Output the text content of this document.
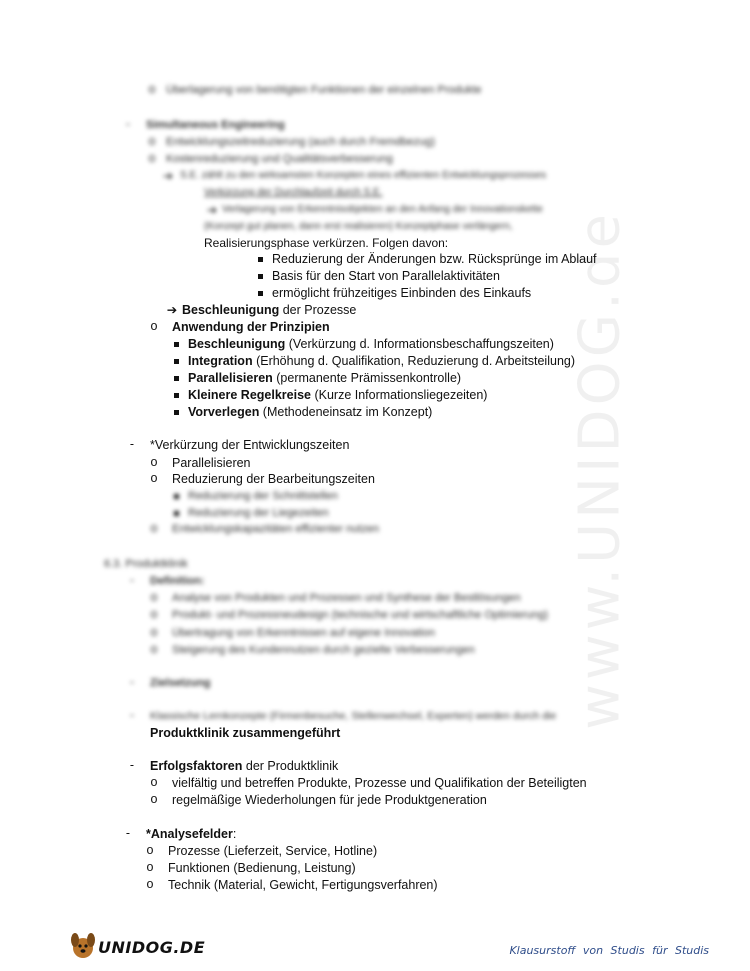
www.UNIDOG.de
o
-
o
o
➔
➔
➔
o
-
o
o
o
-
o
o
o
o
-
-
-
o
o
-
o
o
o
Überlagerung von benötigten Funktionen der einzelnen Produkte
Simultaneous Engineering
Entwicklungszeitreduzierung (auch durch Fremdbezug)
Kostenreduzierung und Qualitätsverbesserung
S.E. zählt zu den wirksamsten Konzepten eines effizienten Entwicklungsprozesses
Verkürzung der Durchlaufzeit durch S.E.
Verlagerung von Erkenntnisobjekten an den Anfang der Innovationskette
(Konzept gut planen, dann erst realisieren) Konzeptphase verlängern,
Realisierungsphase verkürzen. Folgen davon:
Reduzierung der Änderungen bzw. Rücksprünge im Ablauf
Basis für den Start von Parallelaktivitäten
ermöglicht frühzeitiges Einbinden des Einkaufs
Beschleunigung der Prozesse
Anwendung der Prinzipien
Beschleunigung (Verkürzung d. Informationsbeschaffungszeiten)
Integration (Erhöhung d. Qualifikation, Reduzierung d. Arbeitsteilung)
Parallelisieren (permanente Prämissenkontrolle)
Kleinere Regelkreise (Kurze Informationsliegezeiten)
Vorverlegen (Methodeneinsatz im Konzept)
*Verkürzung der Entwicklungszeiten
Parallelisieren
Reduzierung der Bearbeitungszeiten
Reduzierung der Schnittstellen
Reduzierung der Liegezeiten
Entwicklungskapazitäten effizienter nutzen
6.3. Produktklinik
Definition:
Analyse von Produkten und Prozessen und Synthese der Bestlösungen
Produkt- und Prozessneudesign (technische und wirtschaftliche Optimierung)
Übertragung von Erkenntnissen auf eigene Innovation
Steigerung des Kundennutzen durch gezielte Verbesserungen
Zielsetzung
Klassische Lernkonzepte (Firmenbesuche, Stellenwechsel, Experten) werden durch die
Produktklinik zusammengeführt
Erfolgsfaktoren der Produktklinik
vielfältig und betreffen Produkte, Prozesse und Qualifikation der Beteiligten
regelmäßige Wiederholungen für jede Produktgeneration
*Analysefelder:
Prozesse (Lieferzeit, Service, Hotline)
Funktionen (Bedienung, Leistung)
Technik (Material, Gewicht, Fertigungsverfahren)
UNIDOG.DE	Klausurstoff von Studis für Studis
